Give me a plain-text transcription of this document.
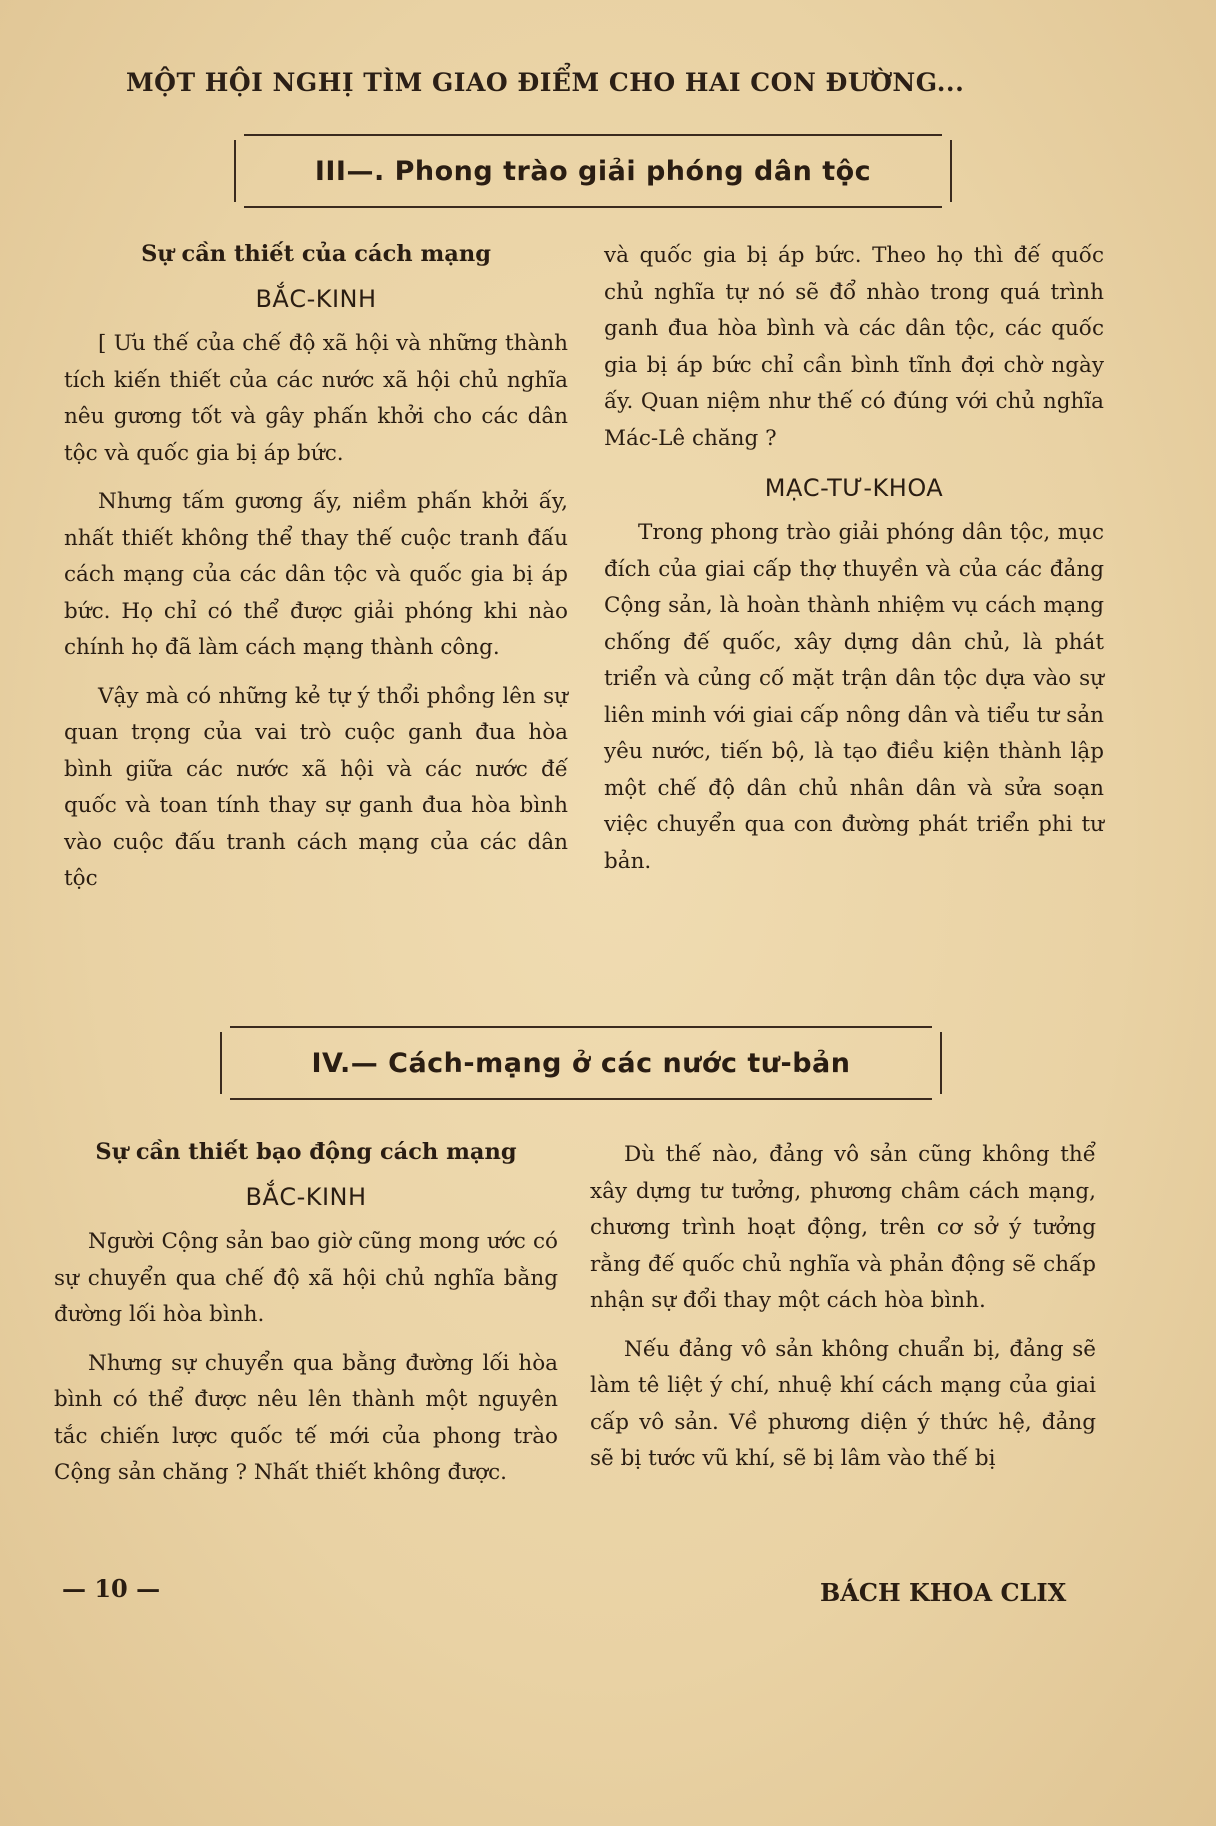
MỘT HỘI NGHỊ TÌM GIAO ĐIỂM CHO HAI CON ĐƯỜNG...
III—. Phong trào giải phóng dân tộc
Sự cần thiết của cách mạng
BẮC-KINH

[ Ưu thế của chế độ xã hội và những thành tích kiến thiết của các nước xã hội chủ nghĩa nêu gương tốt và gây phấn khởi cho các dân tộc và quốc gia bị áp bức.

Nhưng tấm gương ấy, niềm phấn khởi ấy, nhất thiết không thể thay thế cuộc tranh đấu cách mạng của các dân tộc và quốc gia bị áp bức. Họ chỉ có thể được giải phóng khi nào chính họ đã làm cách mạng thành công.

Vậy mà có những kẻ tự ý thổi phồng lên sự quan trọng của vai trò cuộc ganh đua hòa bình giữa các nước xã hội và các nước đế quốc và toan tính thay sự ganh đua hòa bình vào cuộc đấu tranh cách mạng của các dân tộc

và quốc gia bị áp bức. Theo họ thì đế quốc chủ nghĩa tự nó sẽ đổ nhào trong quá trình ganh đua hòa bình và các dân tộc, các quốc gia bị áp bức chỉ cần bình tĩnh đợi chờ ngày ấy. Quan niệm như thế có đúng với chủ nghĩa Mác-Lê chăng ?

MẠC-TƯ-KHOA

Trong phong trào giải phóng dân tộc, mục đích của giai cấp thợ thuyền và của các đảng Cộng sản, là hoàn thành nhiệm vụ cách mạng chống đế quốc, xây dựng dân chủ, là phát triển và củng cố mặt trận dân tộc dựa vào sự liên minh với giai cấp nông dân và tiểu tư sản yêu nước, tiến bộ, là tạo điều kiện thành lập một chế độ dân chủ nhân dân và sửa soạn việc chuyển qua con đường phát triển phi tư bản.

IV.— Cách-mạng ở các nước tư-bản
Sự cần thiết bạo động cách mạng
BẮC-KINH

Người Cộng sản bao giờ cũng mong ước có sự chuyển qua chế độ xã hội chủ nghĩa bằng đường lối hòa bình.

Nhưng sự chuyển qua bằng đường lối hòa bình có thể được nêu lên thành một nguyên tắc chiến lược quốc tế mới của phong trào Cộng sản chăng ? Nhất thiết không được.

Dù thế nào, đảng vô sản cũng không thể xây dựng tư tưởng, phương châm cách mạng, chương trình hoạt động, trên cơ sở ý tưởng rằng đế quốc chủ nghĩa và phản động sẽ chấp nhận sự đổi thay một cách hòa bình.

Nếu đảng vô sản không chuẩn bị, đảng sẽ làm tê liệt ý chí, nhuệ khí cách mạng của giai cấp vô sản. Về phương diện ý thức hệ, đảng sẽ bị tước vũ khí, sẽ bị lâm vào thế bị

— 10 —	BÁCH KHOA CLIX
